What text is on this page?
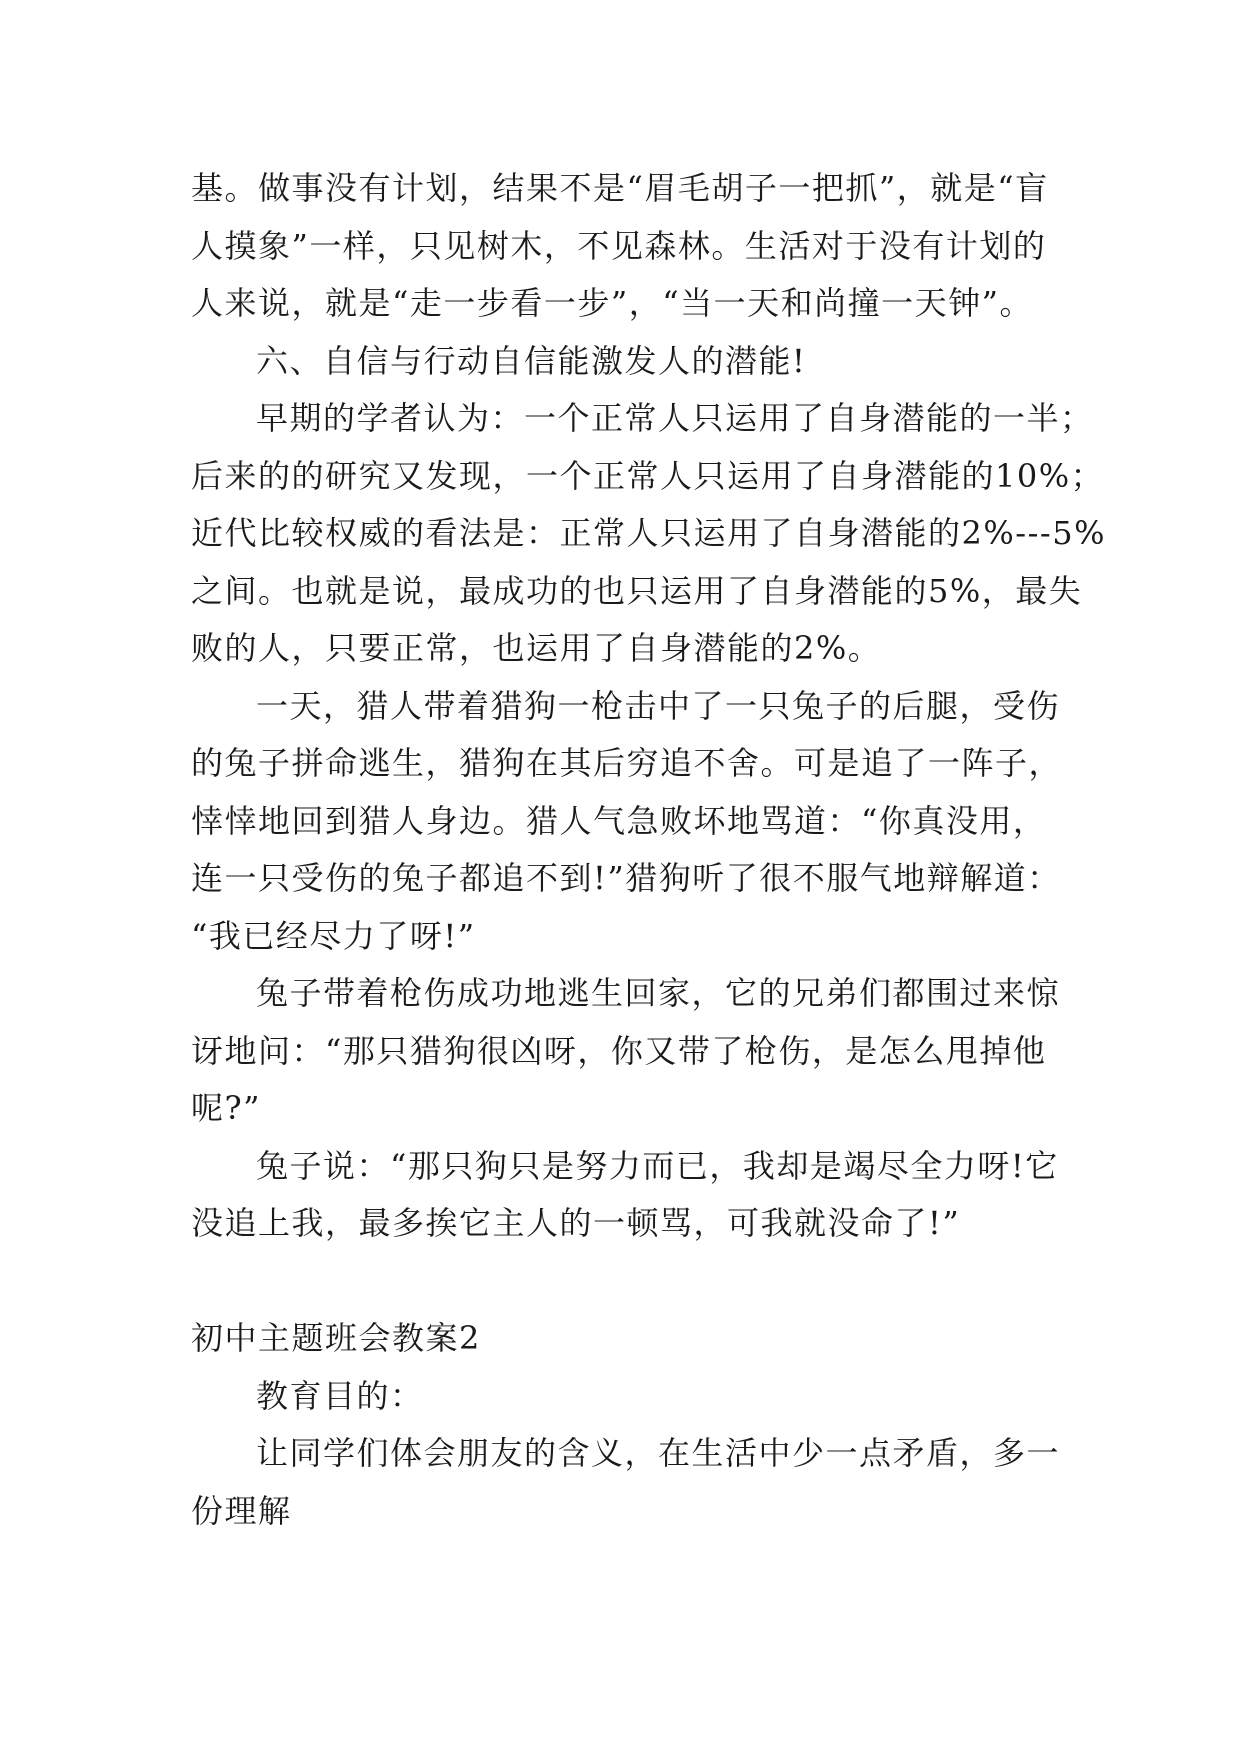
基。做事没有计划，结果不是“眉毛胡子一把抓”，就是“盲
人摸象”一样，只见树木，不见森林。生活对于没有计划的
人来说，就是“走一步看一步”，“当一天和尚撞一天钟”。
六、自信与行动自信能激发人的潜能!
早期的学者认为：一个正常人只运用了自身潜能的一半；
后来的的研究又发现，一个正常人只运用了自身潜能的10%；
近代比较权威的看法是：正常人只运用了自身潜能的2%---5%
之间。也就是说，最成功的也只运用了自身潜能的5%，最失
败的人，只要正常，也运用了自身潜能的2%。
一天，猎人带着猎狗一枪击中了一只兔子的后腿，受伤
的兔子拼命逃生，猎狗在其后穷追不舍。可是追了一阵子，
悻悻地回到猎人身边。猎人气急败坏地骂道：“你真没用，
连一只受伤的兔子都追不到!”猎狗听了很不服气地辩解道：
“我已经尽力了呀!”
兔子带着枪伤成功地逃生回家，它的兄弟们都围过来惊
讶地问：“那只猎狗很凶呀，你又带了枪伤，是怎么甩掉他
呢?”
兔子说：“那只狗只是努力而已，我却是竭尽全力呀!它
没追上我，最多挨它主人的一顿骂，可我就没命了!”
初中主题班会教案2
教育目的：
让同学们体会朋友的含义，在生活中少一点矛盾，多一
份理解
